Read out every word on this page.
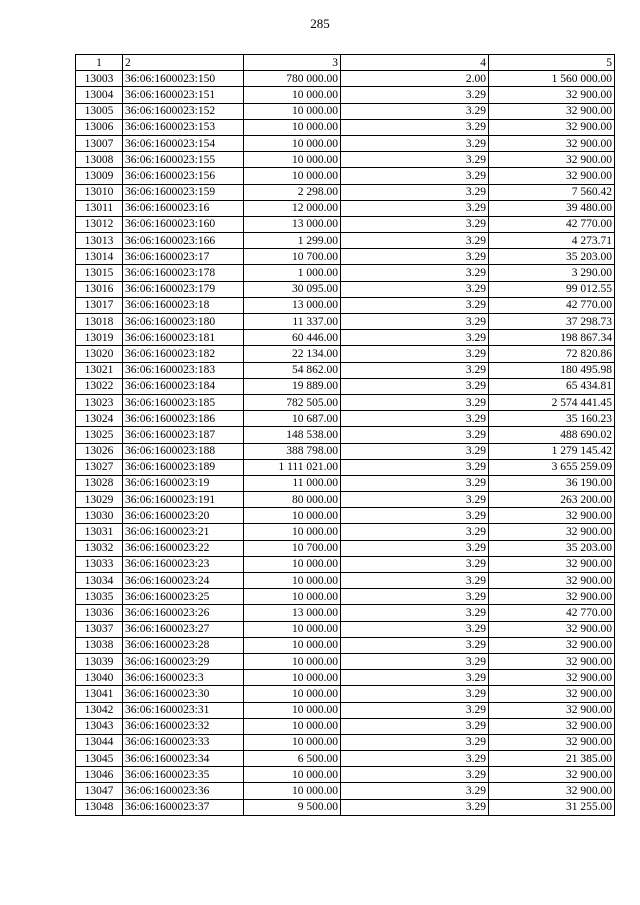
285
1	2	3	4	5
13003	36:06:1600023:150	780 000.00	2.00	1 560 000.00
13004	36:06:1600023:151	10 000.00	3.29	32 900.00
13005	36:06:1600023:152	10 000.00	3.29	32 900.00
13006	36:06:1600023:153	10 000.00	3.29	32 900.00
13007	36:06:1600023:154	10 000.00	3.29	32 900.00
13008	36:06:1600023:155	10 000.00	3.29	32 900.00
13009	36:06:1600023:156	10 000.00	3.29	32 900.00
13010	36:06:1600023:159	2 298.00	3.29	7 560.42
13011	36:06:1600023:16	12 000.00	3.29	39 480.00
13012	36:06:1600023:160	13 000.00	3.29	42 770.00
13013	36:06:1600023:166	1 299.00	3.29	4 273.71
13014	36:06:1600023:17	10 700.00	3.29	35 203.00
13015	36:06:1600023:178	1 000.00	3.29	3 290.00
13016	36:06:1600023:179	30 095.00	3.29	99 012.55
13017	36:06:1600023:18	13 000.00	3.29	42 770.00
13018	36:06:1600023:180	11 337.00	3.29	37 298.73
13019	36:06:1600023:181	60 446.00	3.29	198 867.34
13020	36:06:1600023:182	22 134.00	3.29	72 820.86
13021	36:06:1600023:183	54 862.00	3.29	180 495.98
13022	36:06:1600023:184	19 889.00	3.29	65 434.81
13023	36:06:1600023:185	782 505.00	3.29	2 574 441.45
13024	36:06:1600023:186	10 687.00	3.29	35 160.23
13025	36:06:1600023:187	148 538.00	3.29	488 690.02
13026	36:06:1600023:188	388 798.00	3.29	1 279 145.42
13027	36:06:1600023:189	1 111 021.00	3.29	3 655 259.09
13028	36:06:1600023:19	11 000.00	3.29	36 190.00
13029	36:06:1600023:191	80 000.00	3.29	263 200.00
13030	36:06:1600023:20	10 000.00	3.29	32 900.00
13031	36:06:1600023:21	10 000.00	3.29	32 900.00
13032	36:06:1600023:22	10 700.00	3.29	35 203.00
13033	36:06:1600023:23	10 000.00	3.29	32 900.00
13034	36:06:1600023:24	10 000.00	3.29	32 900.00
13035	36:06:1600023:25	10 000.00	3.29	32 900.00
13036	36:06:1600023:26	13 000.00	3.29	42 770.00
13037	36:06:1600023:27	10 000.00	3.29	32 900.00
13038	36:06:1600023:28	10 000.00	3.29	32 900.00
13039	36:06:1600023:29	10 000.00	3.29	32 900.00
13040	36:06:1600023:3	10 000.00	3.29	32 900.00
13041	36:06:1600023:30	10 000.00	3.29	32 900.00
13042	36:06:1600023:31	10 000.00	3.29	32 900.00
13043	36:06:1600023:32	10 000.00	3.29	32 900.00
13044	36:06:1600023:33	10 000.00	3.29	32 900.00
13045	36:06:1600023:34	6 500.00	3.29	21 385.00
13046	36:06:1600023:35	10 000.00	3.29	32 900.00
13047	36:06:1600023:36	10 000.00	3.29	32 900.00
13048	36:06:1600023:37	9 500.00	3.29	31 255.00
